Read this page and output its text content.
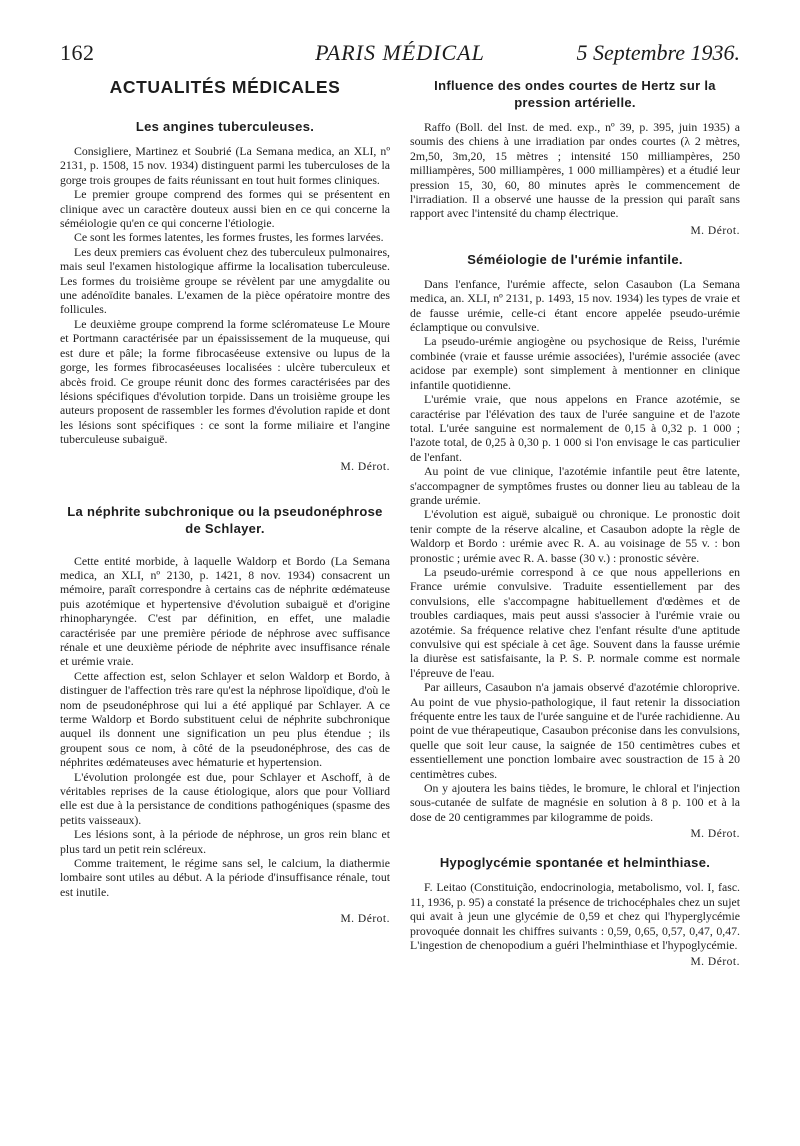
162	PARIS MÉDICAL	5 Septembre 1936.
ACTUALITÉS MÉDICALES
Les angines tuberculeuses.

Consigliere, Martinez et Soubrié (La Semana medica, an XLI, nº 2131, p. 1508, 15 nov. 1934) distinguent parmi les tuberculoses de la gorge trois groupes de faits réunissant en tout huit formes cliniques.

Le premier groupe comprend des formes qui se présentent en clinique avec un caractère douteux aussi bien en ce qui concerne la séméiologie qu'en ce qui concerne l'étiologie.

Ce sont les formes latentes, les formes frustes, les formes larvées.

Les deux premiers cas évoluent chez des tuberculeux pulmonaires, mais seul l'examen histologique affirme la localisation tuberculeuse. Les formes du troisième groupe se révèlent par une amygdalite ou une adénoïdite banales. L'examen de la pièce opératoire montre des follicules.

Le deuxième groupe comprend la forme scléromateuse Le Moure et Portmann caractérisée par un épaississement de la muqueuse, qui est dure et pâle; la forme fibrocaséeuse extensive ou lupus de la gorge, les formes fibrocaséeuses localisées : ulcère tuberculeux et abcès froid. Ce groupe réunit donc des formes caractérisées par des lésions spécifiques d'évolution torpide. Dans un troisième groupe les auteurs proposent de rassembler les formes d'évolution rapide et dont les lésions sont spécifiques : ce sont la forme miliaire et l'angine tuberculeuse subaiguë.

M. Dérot.
La néphrite subchronique ou la pseudonéphrose de Schlayer.

Cette entité morbide, à laquelle Waldorp et Bordo (La Semana medica, an XLI, nº 2130, p. 1421, 8 nov. 1934) consacrent un mémoire, paraît correspondre à certains cas de néphrite œdémateuse puis azotémique et hypertensive d'évolution subaiguë et d'origine rhinopharyngée. C'est par définition, en effet, une maladie caractérisée par une première période de néphrose avec suffisance rénale et une deuxième période de néphrite avec insuffisance rénale et urémie vraie.

Cette affection est, selon Schlayer et selon Waldorp et Bordo, à distinguer de l'affection très rare qu'est la néphrose lipoïdique, d'où le nom de pseudonéphrose qui lui a été appliqué par Schlayer. A ce terme Waldorp et Bordo substituent celui de néphrite subchronique auquel ils donnent une signification un peu plus étendue ; ils groupent sous ce nom, à côté de la pseudonéphrose, des cas de néphrites œdémateuses avec hématurie et hypertension.

L'évolution prolongée est due, pour Schlayer et Aschoff, à de véritables reprises de la cause étiologique, alors que pour Volliard elle est due à la persistance de conditions pathogéniques (spasme des petits vaisseaux).

Les lésions sont, à la période de néphrose, un gros rein blanc et plus tard un petit rein scléreux.

Comme traitement, le régime sans sel, le calcium, la diathermie lombaire sont utiles au début. A la période d'insuffisance rénale, tout est inutile.

M. Dérot.
Influence des ondes courtes de Hertz sur la pression artérielle.

Raffo (Boll. del Inst. de med. exp., nº 39, p. 395, juin 1935) a soumis des chiens à une irradiation par ondes courtes (λ 2 mètres, 2m,50, 3m,20, 15 mètres ; intensité 150 milliampères, 250 milliampères, 500 milliampères, 1 000 milliampères) et a étudié leur pression 15, 30, 60, 80 minutes après le commencement de l'irradiation. Il a observé une hausse de la pression qui paraît sans rapport avec l'intensité du champ électrique.

M. Dérot.
Séméiologie de l'urémie infantile.

Dans l'enfance, l'urémie affecte, selon Casaubon (La Semana medica, an. XLI, nº 2131, p. 1493, 15 nov. 1934) les types de vraie et de fausse urémie, celle-ci étant encore appelée pseudo-urémie éclamptique ou convulsive.

La pseudo-urémie angiogène ou psychosique de Reiss, l'urémie combinée (vraie et fausse urémie associées), l'urémie associée (avec acidose par exemple) sont simplement à mentionner en clinique infantile quotidienne.

L'urémie vraie, que nous appelons en France azotémie, se caractérise par l'élévation des taux de l'urée sanguine et de l'azote total. L'urée sanguine est normalement de 0,15 à 0,32 p. 1 000 ; l'azote total, de 0,25 à 0,30 p. 1 000 si l'on envisage le cas particulier de l'enfant.

Au point de vue clinique, l'azotémie infantile peut être latente, s'accompagner de symptômes frustes ou donner lieu au tableau de la grande urémie.

L'évolution est aiguë, subaiguë ou chronique. Le pronostic doit tenir compte de la réserve alcaline, et Casaubon adopte la règle de Waldorp et Bordo : urémie avec R. A. au voisinage de 55 v. : bon pronostic ; urémie avec R. A. basse (30 v.) : pronostic sévère.

La pseudo-urémie correspond à ce que nous appellerions en France urémie convulsive. Traduite essentiellement par des convulsions, elle s'accompagne habituellement d'œdèmes et de troubles cardiaques, mais peut aussi s'associer à l'urémie vraie ou azotémie. Sa fréquence relative chez l'enfant résulte d'une aptitude convulsive qui est spéciale à cet âge. Souvent dans la fausse urémie la diurèse est satisfaisante, la P. S. P. normale comme est normale l'épreuve de l'eau.

Par ailleurs, Casaubon n'a jamais observé d'azotémie chloroprive. Au point de vue physio-pathologique, il faut retenir la dissociation fréquente entre les taux de l'urée sanguine et de l'urée rachidienne. Au point de vue thérapeutique, Casaubon préconise dans les convulsions, quelle que soit leur cause, la saignée de 150 centimètres cubes et essentiellement une ponction lombaire avec soustraction de 15 à 20 centimètres cubes.

On y ajoutera les bains tièdes, le bromure, le chloral et l'injection sous-cutanée de sulfate de magnésie en solution à 8 p. 100 et à la dose de 20 centigrammes par kilogramme de poids.

M. Dérot.
Hypoglycémie spontanée et helminthiase.

F. Leitao (Constituição, endocrinologia, metabolismo, vol. I, fasc. 11, 1936, p. 95) a constaté la présence de trichocéphales chez un sujet qui avait à jeun une glycémie de 0,59 et chez qui l'hyperglycémie provoquée donnait les chiffres suivants : 0,59, 0,65, 0,57, 0,47, 0,47. L'ingestion de chenopodium a guéri l'helminthiase et l'hypoglycémie.

M. Dérot.
